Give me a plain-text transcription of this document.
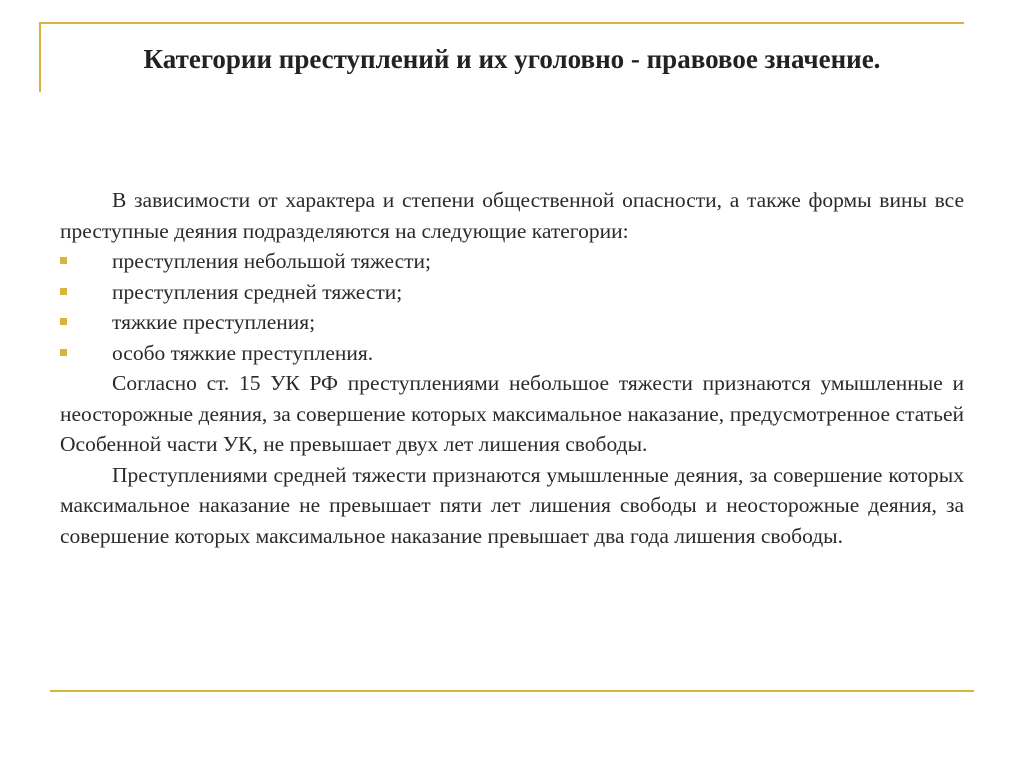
Категории преступлений и их уголовно - правовое значение.

В зависимости от характера и степени общественной опасности, а также формы вины все преступные деяния подразделяются на следующие категории:

преступления небольшой тяжести;
преступления средней тяжести;
тяжкие преступления;
особо тяжкие преступления.

Согласно ст. 15 УК РФ преступлениями небольшое тяжести признаются умышленные и неосторожные деяния, за совершение которых максимальное наказание, предусмотренное статьей Особенной части УК, не превышает двух лет лишения свободы.

Преступлениями средней тяжести признаются умышленные деяния, за совершение которых максимальное наказание не превышает пяти лет лишения свободы и неосторожные деяния, за совершение которых максимальное наказание превышает два года лишения свободы.
